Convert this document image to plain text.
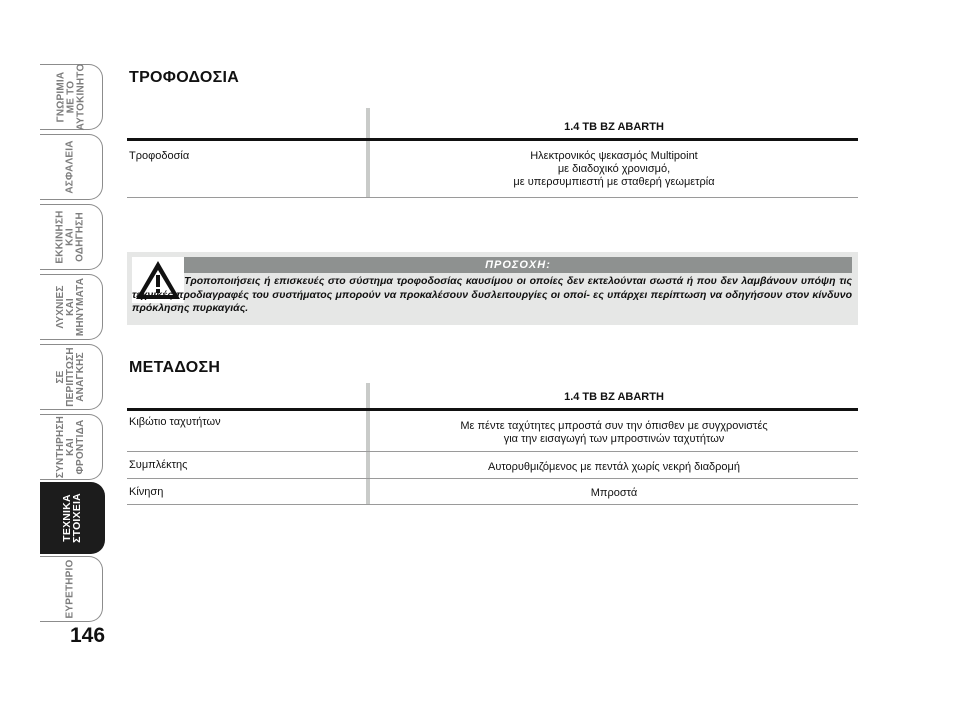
ΓΝΩΡΙΜΙΑ
ΜΕ ΤΟ
ΑΥΤΟΚΙΝΗΤΟ
ΑΣΦΑΛΕΙΑ
ΕΚΚΙΝΗΣΗ
ΚΑΙ
ΟΔΗΓΗΣΗ
ΛΥΧΝΙΕΣ
ΚΑΙ
ΜΗΝΥΜΑΤΑ
ΣΕ
ΠΕΡΙΠΤΩΣΗ
ΑΝΑΓΚΗΣ
ΣΥΝΤΗΡΗΣΗ
ΚΑΙ
ΦΡΟΝΤΙΔΑ
ΤΕΧΝΙΚΑ
ΣΤΟΙΧΕΙΑ
ΕΥΡΕΤΗΡΙΟ
146
ΤΡΟΦΟΔΟΣΙΑ
1.4 TB BZ ABARTH
Τροφοδοσία	Ηλεκτρονικός ψεκασμός Multipoint
με διαδοχικό χρονισμό,
με υπερσυμπιεστή με σταθερή γεωμετρία
ΠΡΟΣΟΧΗ:
Τροποποιήσεις ή επισκευές στο σύστημα τροφοδοσίας καυσίμου οι οποίες δεν εκτελούνται σωστά ή που δεν λαμβάνουν υπόψη τις τεχνικές προδιαγραφές του συστήματος μπορούν να προκαλέσουν δυσλειτουργίες οι οποί- ες υπάρχει περίπτωση να οδηγήσουν στον κίνδυνο πρόκλησης πυρκαγιάς.
ΜΕΤΑΔΟΣΗ
1.4 TB BZ ABARTH
Κιβώτιο ταχυτήτων	Με πέντε ταχύτητες μπροστά συν την όπισθεν με συγχρονιστές
για την εισαγωγή των μπροστινών ταχυτήτων
Συμπλέκτης	Αυτορυθμιζόμενος με πεντάλ χωρίς νεκρή διαδρομή
Κίνηση	Μπροστά
